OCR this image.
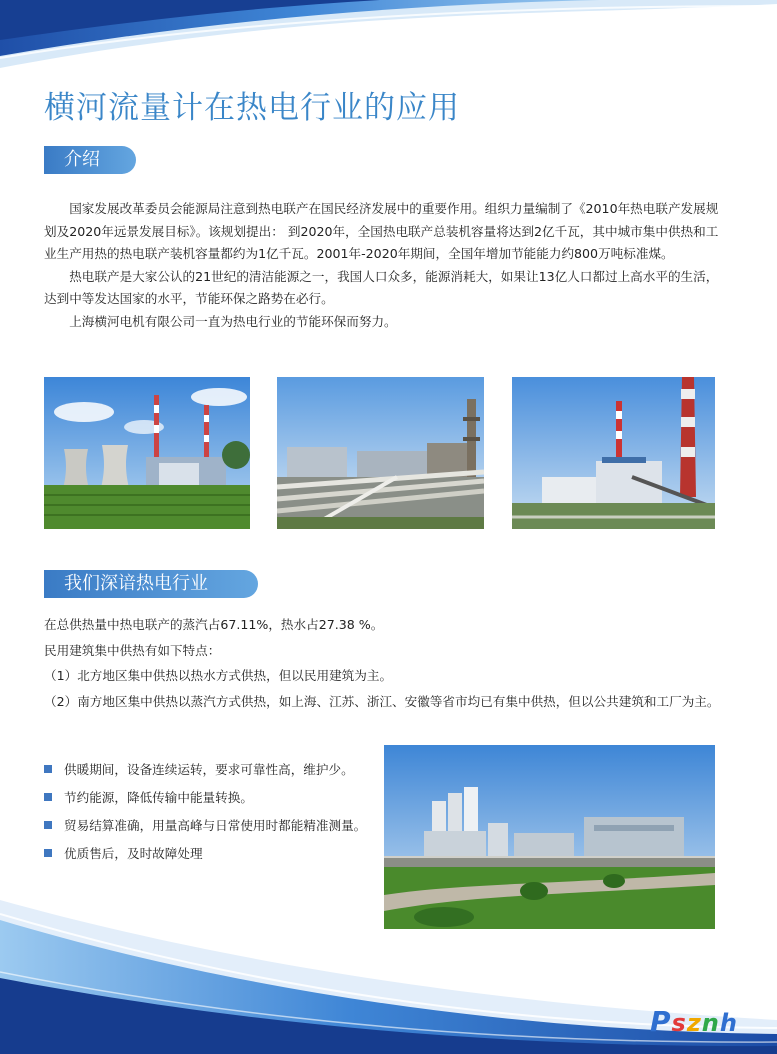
横河流量计在热电行业的应用
介绍

国家发展改革委员会能源局注意到热电联产在国民经济发展中的重要作用。组织力量编制了《2010年热电联产发展规划及2020年远景发展目标》。该规划提出： 到2020年，全国热电联产总装机容量将达到2亿千瓦，其中城市集中供热和工业生产用热的热电联产装机容量都约为1亿千瓦。2001年-2020年期间，全国年增加节能能力约800万吨标准煤。

热电联产是大家公认的21世纪的清洁能源之一，我国人口众多，能源消耗大，如果让13亿人口都过上高水平的生活，达到中等发达国家的水平，节能环保之路势在必行。

上海横河电机有限公司一直为热电行业的节能环保而努力。

我们深谙热电行业
在总供热量中热电联产的蒸汽占67.11%，热水占27.38 %。
民用建筑集中供热有如下特点：
（1）北方地区集中供热以热水方式供热，但以民用建筑为主。
（2）南方地区集中供热以蒸汽方式供热，如上海、江苏、浙江、安徽等省市均已有集中供热，但以公共建筑和工厂为主。
供暖期间，设备连续运转，要求可靠性高，维护少。
节约能源，降低传输中能量转换。
贸易结算准确，用量高峰与日常使用时都能精准测量。
优质售后，及时故障处理
Psznh
